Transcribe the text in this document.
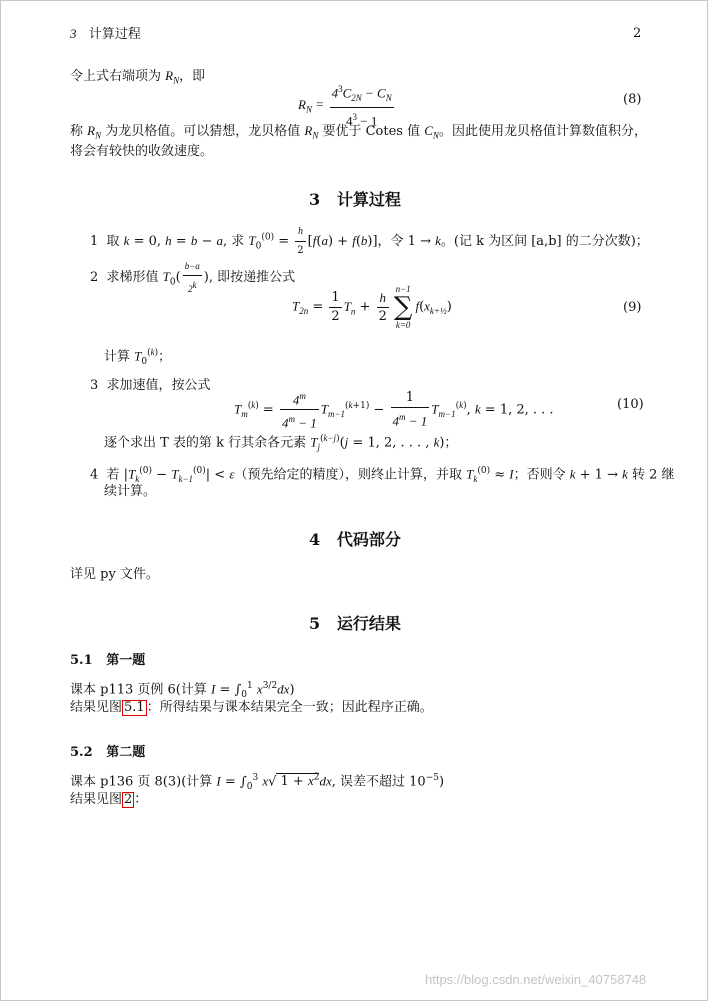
3 计算过程	2
令上式右端项为 $R_N$，即
$R_N = \frac{4^3C_{2N} - C_N}{4^3 - 1}$	(8)
称 $R_N$ 为龙贝格值。可以猜想，龙贝格值 $R_N$ 要优于 Cotes 值 $C_N$。因此使用龙贝格值计算数值积分，
将会有较快的收敛速度。
3 计算过程
1  取 k = 0, h = b − a, 求 $T_0^{(0)} = \frac{h}{2} [f(a) + f(b)]$，令 1 → k。(记 k 为区间 [a,b] 的二分次数)；
2  求梯形值 $T_0( \frac{b-a}{2^k}$ ), 即按递推公式
$T_{2n} = \frac{1}{2} T_n + \frac{h}{2} n-1$
∑
k=0
$f(x_{k+\frac{1}{2}})$	(9)
计算 $T_0^{(k)}$；
3  求加速值，按公式
$T_m^{(k)} = \frac{4^m}{4^m - 1} T_{m-1}^{(k+1)} - \frac{1}{4^m - 1} T_{m-1}^{(k)}$, k = 1, 2, . . .	(10)
逐个求出 T 表的第 k 行其余各元素 $T_j^{(k-j)}(j = 1$, 2, . . . , k)；
4  若 $|T_k^{(0)} - T_{k-1}^{(0)}| < \varepsilon$（预先给定的精度），则终止计算，并取 $T_k^{(0)} \approx I$；否则令 k + 1 → k 转 2 继
续计算。
4 代码部分
详见 py 文件。
5 运行结果
5.1 第一题
课本 p113 页例 6(计算 $I = \int_0^1$ $x^{3/2}dx$)
结果见图 5.1 ：所得结果与课本结果完全一致；因此程序正确。
5.2 第二题
课本 p136 页 8(3)(计算 $I = \int_0^3$ x√ $1 + x^2dx$, 误差不超过 $10^{-5}$)
结果见图 2 ：
https://blog.csdn.net/weixin_40758748
